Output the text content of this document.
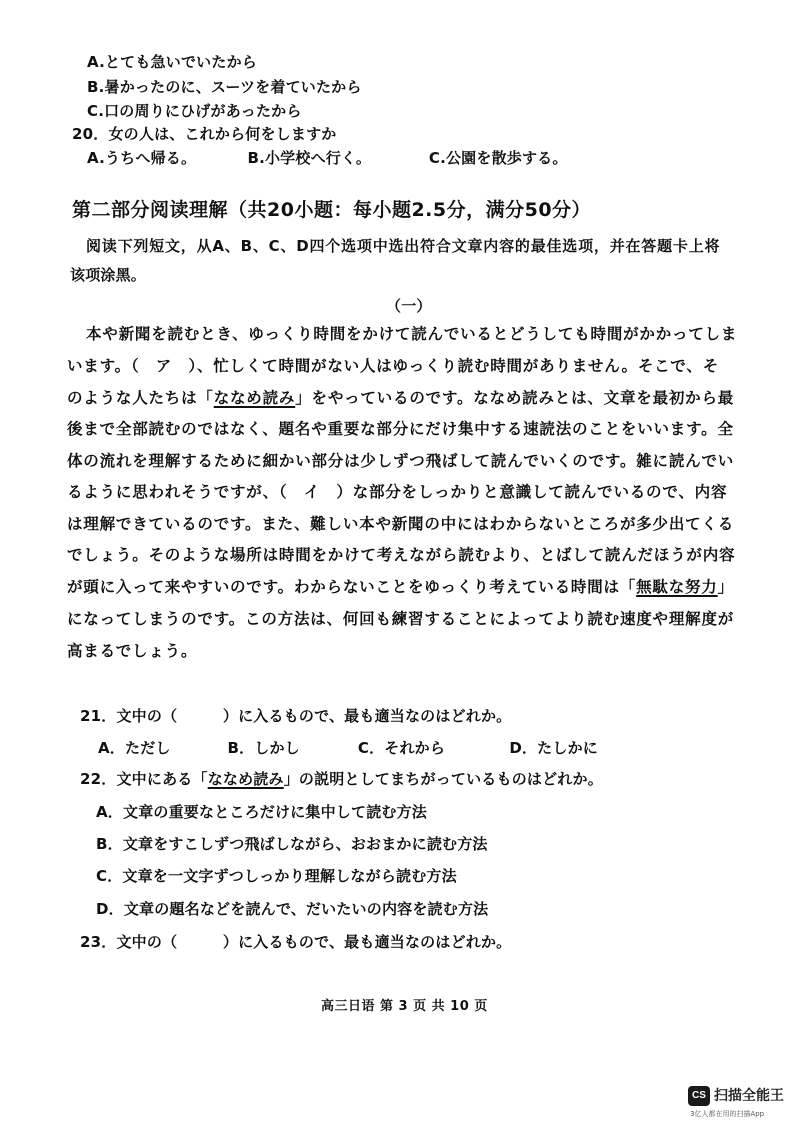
A.とても急いでいたから
B.暑かったのに、スーツを着ていたから
C.口の周りにひげがあったから
20．女の人は、これから何をしますか
A.うちへ帰る。	B.小学校へ行く。	C.公園を散歩する。
第二部分阅读理解（共20小题：每小题2.5分，满分50分）
阅读下列短文，从A、B、C、D四个选项中选出符合文章内容的最佳选项，并在答题卡上将
该项涂黑。
（一）
本や新聞を読むとき、ゆっくり時間をかけて読んでいるとどうしても時間がかかってしま
います。（　ア　）、忙しくて時間がない人はゆっくり読む時間がありません。そこで、そ
のような人たちは「ななめ読み」をやっているのです。ななめ読みとは、文章を最初から最
後まで全部読むのではなく、題名や重要な部分にだけ集中する速読法のことをいいます。全
体の流れを理解するために細かい部分は少しずつ飛ばして読んでいくのです。雑に読んでい
るように思われそうですが、（　イ　）な部分をしっかりと意識して読んでいるので、内容
は理解できているのです。また、難しい本や新聞の中にはわからないところが多少出てくる
でしょう。そのような場所は時間をかけて考えながら読むより、とばして読んだほうが内容
が頭に入って来やすいのです。わからないことをゆっくり考えている時間は「無駄な努力」
になってしまうのです。この方法は、何回も練習することによってより読む速度や理解度が
高まるでしょう。
21．文中の（　　　）に入るもので、最も適当なのはどれか。
A．ただし	B．しかし	C．それから	D．たしかに
22．文中にある「ななめ読み」の説明としてまちがっているものはどれか。
A．文章の重要なところだけに集中して読む方法
B．文章をすこしずつ飛ばしながら、おおまかに読む方法
C．文章を一文字ずつしっかり理解しながら読む方法
D．文章の題名などを読んで、だいたいの内容を読む方法
23．文中の（　　　）に入るもので、最も適当なのはどれか。
高三日语 第 3 页 共 10 页
CS 扫描全能王
3亿人都在用的扫描App
